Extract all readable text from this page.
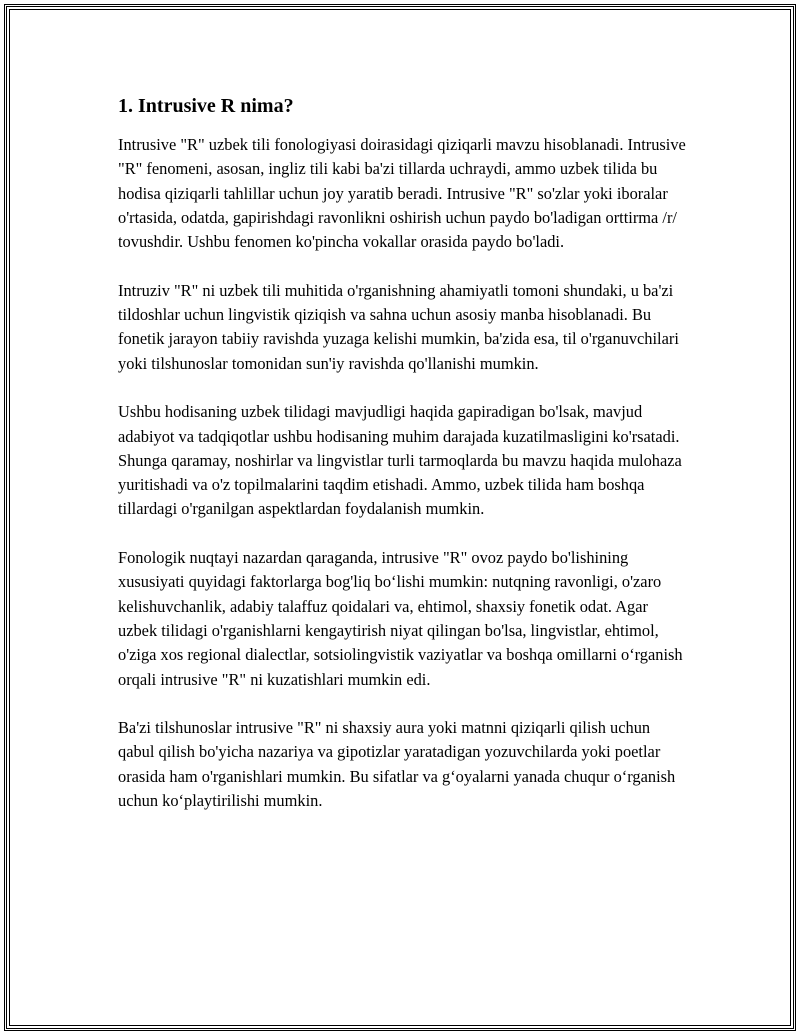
1. Intrusive R nima?

Intrusive "R" uzbek tili fonologiyasi doirasidagi qiziqarli mavzu hisoblanadi. Intrusive "R" fenomeni, asosan, ingliz tili kabi ba'zi tillarda uchraydi, ammo uzbek tilida bu hodisa qiziqarli tahlillar uchun joy yaratib beradi. Intrusive "R" so'zlar yoki iboralar o'rtasida, odatda, gapirishdagi ravonlikni oshirish uchun paydo bo'ladigan orttirma /r/ tovushdir. Ushbu fenomen ko'pincha vokallar orasida paydo bo'ladi.

Intruziv "R" ni uzbek tili muhitida o'rganishning ahamiyatli tomoni shundaki, u ba'zi tildoshlar uchun lingvistik qiziqish va sahna uchun asosiy manba hisoblanadi. Bu fonetik jarayon tabiiy ravishda yuzaga kelishi mumkin, ba'zida esa, til o'rganuvchilari yoki tilshunoslar tomonidan sun'iy ravishda qo'llanishi mumkin.

Ushbu hodisaning uzbek tilidagi mavjudligi haqida gapiradigan bo'lsak, mavjud adabiyot va tadqiqotlar ushbu hodisaning muhim darajada kuzatilmasligini ko'rsatadi. Shunga qaramay, noshirlar va lingvistlar turli tarmoqlarda bu mavzu haqida mulohaza yuritishadi va o'z topilmalarini taqdim etishadi. Ammo, uzbek tilida ham boshqa tillardagi o'rganilgan aspektlardan foydalanish mumkin.

Fonologik nuqtayi nazardan qaraganda, intrusive "R" ovoz paydo bo'lishining xususiyati quyidagi faktorlarga bog'liq bo‘lishi mumkin: nutqning ravonligi, o'zaro kelishuvchanlik, adabiy talaffuz qoidalari va, ehtimol, shaxsiy fonetik odat. Agar uzbek tilidagi o'rganishlarni kengaytirish niyat qilingan bo'lsa, lingvistlar, ehtimol, o'ziga xos regional dialectlar, sotsiolingvistik vaziyatlar va boshqa omillarni o‘rganish orqali intrusive "R" ni kuzatishlari mumkin edi.

Ba'zi tilshunoslar intrusive "R" ni shaxsiy aura yoki matnni qiziqarli qilish uchun qabul qilish bo'yicha nazariya va gipotizlar yaratadigan yozuvchilarda yoki poetlar orasida ham o'rganishlari mumkin. Bu sifatlar va g‘oyalarni yanada chuqur o‘rganish uchun ko‘playtirilishi mumkin.
